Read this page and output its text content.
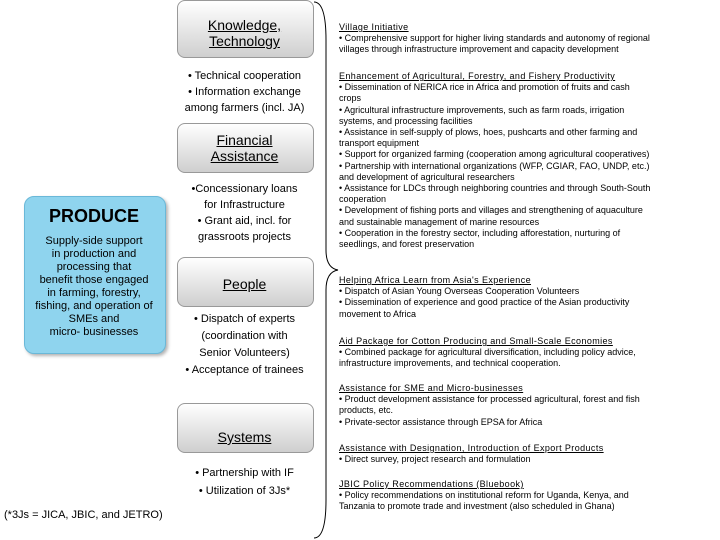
PRODUCE
Supply-side support
in production and
processing that
benefit those engaged
in farming, forestry,
fishing, and operation of
SMEs and
micro- businesses
Knowledge,
Technology
• Technical cooperation
• Information exchange
among farmers (incl. JA)
Financial
Assistance
•Concessionary loans
for Infrastructure
• Grant aid, incl. for
grassroots projects
People
• Dispatch of experts
(coordination with
Senior Volunteers)
• Acceptance of trainees
Systems
• Partnership with IF
• Utilization of 3Js*
Village Initiative
• Comprehensive support for higher living standards and autonomy of regional
villages through infrastructure improvement and capacity development
Enhancement of Agricultural, Forestry, and Fishery Productivity
• Dissemination of NERICA rice in Africa and promotion of fruits and cash
crops
• Agricultural infrastructure improvements, such as farm roads, irrigation
systems, and processing facilities
• Assistance in self-supply of plows, hoes, pushcarts and other farming and
transport equipment
• Support for organized farming (cooperation among agricultural cooperatives)
• Partnership with international organizations (WFP, CGIAR, FAO, UNDP, etc.)
and development of agricultural researchers
• Assistance for LDCs through neighboring countries and through South-South
cooperation
• Development of fishing ports and villages and strengthening of aquaculture
and sustainable management of marine resources
• Cooperation in the forestry sector, including afforestation, nurturing of
seedlings, and forest preservation
Helping Africa Learn from Asia's Experience
• Dispatch of Asian Young Overseas Cooperation Volunteers
• Dissemination of experience and good practice of the Asian productivity
movement to Africa
Aid Package for Cotton Producing and Small-Scale Economies
• Combined package for agricultural diversification, including policy advice,
infrastructure improvements, and technical cooperation.
Assistance for SME and Micro-businesses
• Product development assistance for processed agricultural, forest and fish
products, etc.
• Private-sector assistance through EPSA for Africa
Assistance with Designation, Introduction of Export Products
• Direct survey, project research and formulation
JBIC Policy Recommendations (Bluebook)
• Policy recommendations on institutional reform for Uganda, Kenya, and
Tanzania to promote trade and investment (also scheduled in Ghana)
(*3Js = JICA, JBIC, and JETRO)
